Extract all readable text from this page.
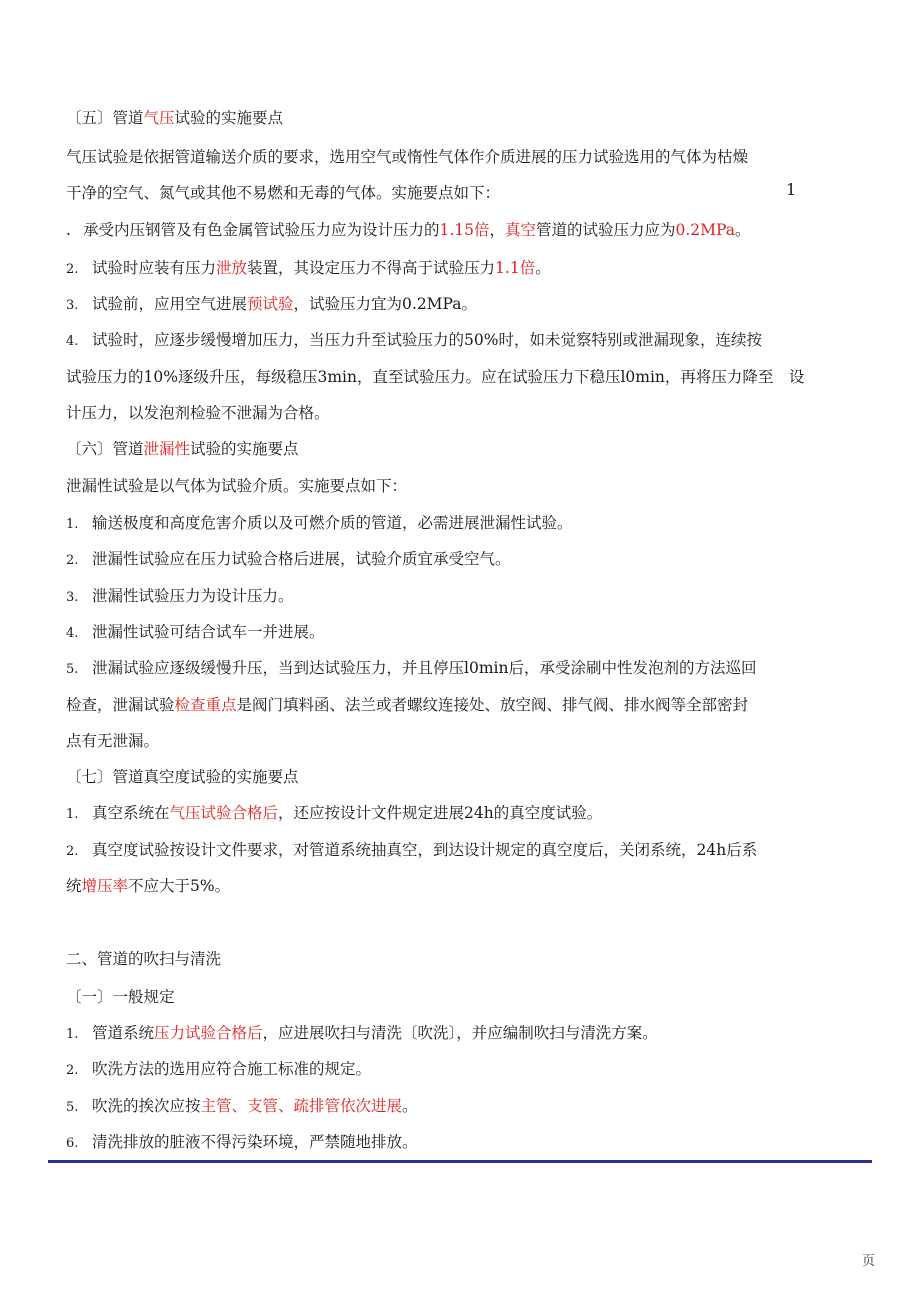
〔五〕管道气压试验的实施要点
气压试验是依据管道输送介质的要求，选用空气或惰性气体作介质进展的压力试验选用的气体为枯燥
干净的空气、氮气或其他不易燃和无毒的气体。实施要点如下：	1
. 承受内压钢管及有色金属管试验压力应为设计压力的1.15倍，真空管道的试验压力应为0.2MPa。
2. 试验时应装有压力泄放装置，其设定压力不得高于试验压力1.1倍。
3. 试验前，应用空气进展预试验，试验压力宜为0.2MPa。
4. 试验时，应逐步缓慢增加压力，当压力升至试验压力的50%时，如未觉察特别或泄漏现象，连续按
试验压力的10%逐级升压，每级稳压3min，直至试验压力。应在试验压力下稳压l0min，再将压力降至　设
计压力，以发泡剂检验不泄漏为合格。
〔六〕管道泄漏性试验的实施要点
泄漏性试验是以气体为试验介质。实施要点如下：
1. 输送极度和高度危害介质以及可燃介质的管道，必需进展泄漏性试验。
2. 泄漏性试验应在压力试验合格后进展，试验介质宜承受空气。
3. 泄漏性试验压力为设计压力。
4. 泄漏性试验可结合试车一并进展。
5. 泄漏试验应逐级缓慢升压，当到达试验压力，并且停压l0min后，承受涂刷中性发泡剂的方法巡回
检查，泄漏试验检查重点是阀门填料函、法兰或者螺纹连接处、放空阀、排气阀、排水阀等全部密封
点有无泄漏。
〔七〕管道真空度试验的实施要点
1. 真空系统在气压试验合格后，还应按设计文件规定进展24h的真空度试验。
2. 真空度试验按设计文件要求，对管道系统抽真空，到达设计规定的真空度后，关闭系统，24h后系
统增压率不应大于5%。
二、管道的吹扫与清洗
〔一〕一般规定
1. 管道系统压力试验合格后，应进展吹扫与清洗〔吹洗〕，并应编制吹扫与清洗方案。
2. 吹洗方法的选用应符合施工标准的规定。
5. 吹洗的挨次应按主管、支管、疏排管依次进展。
6. 清洗排放的脏液不得污染环境，严禁随地排放。
页
